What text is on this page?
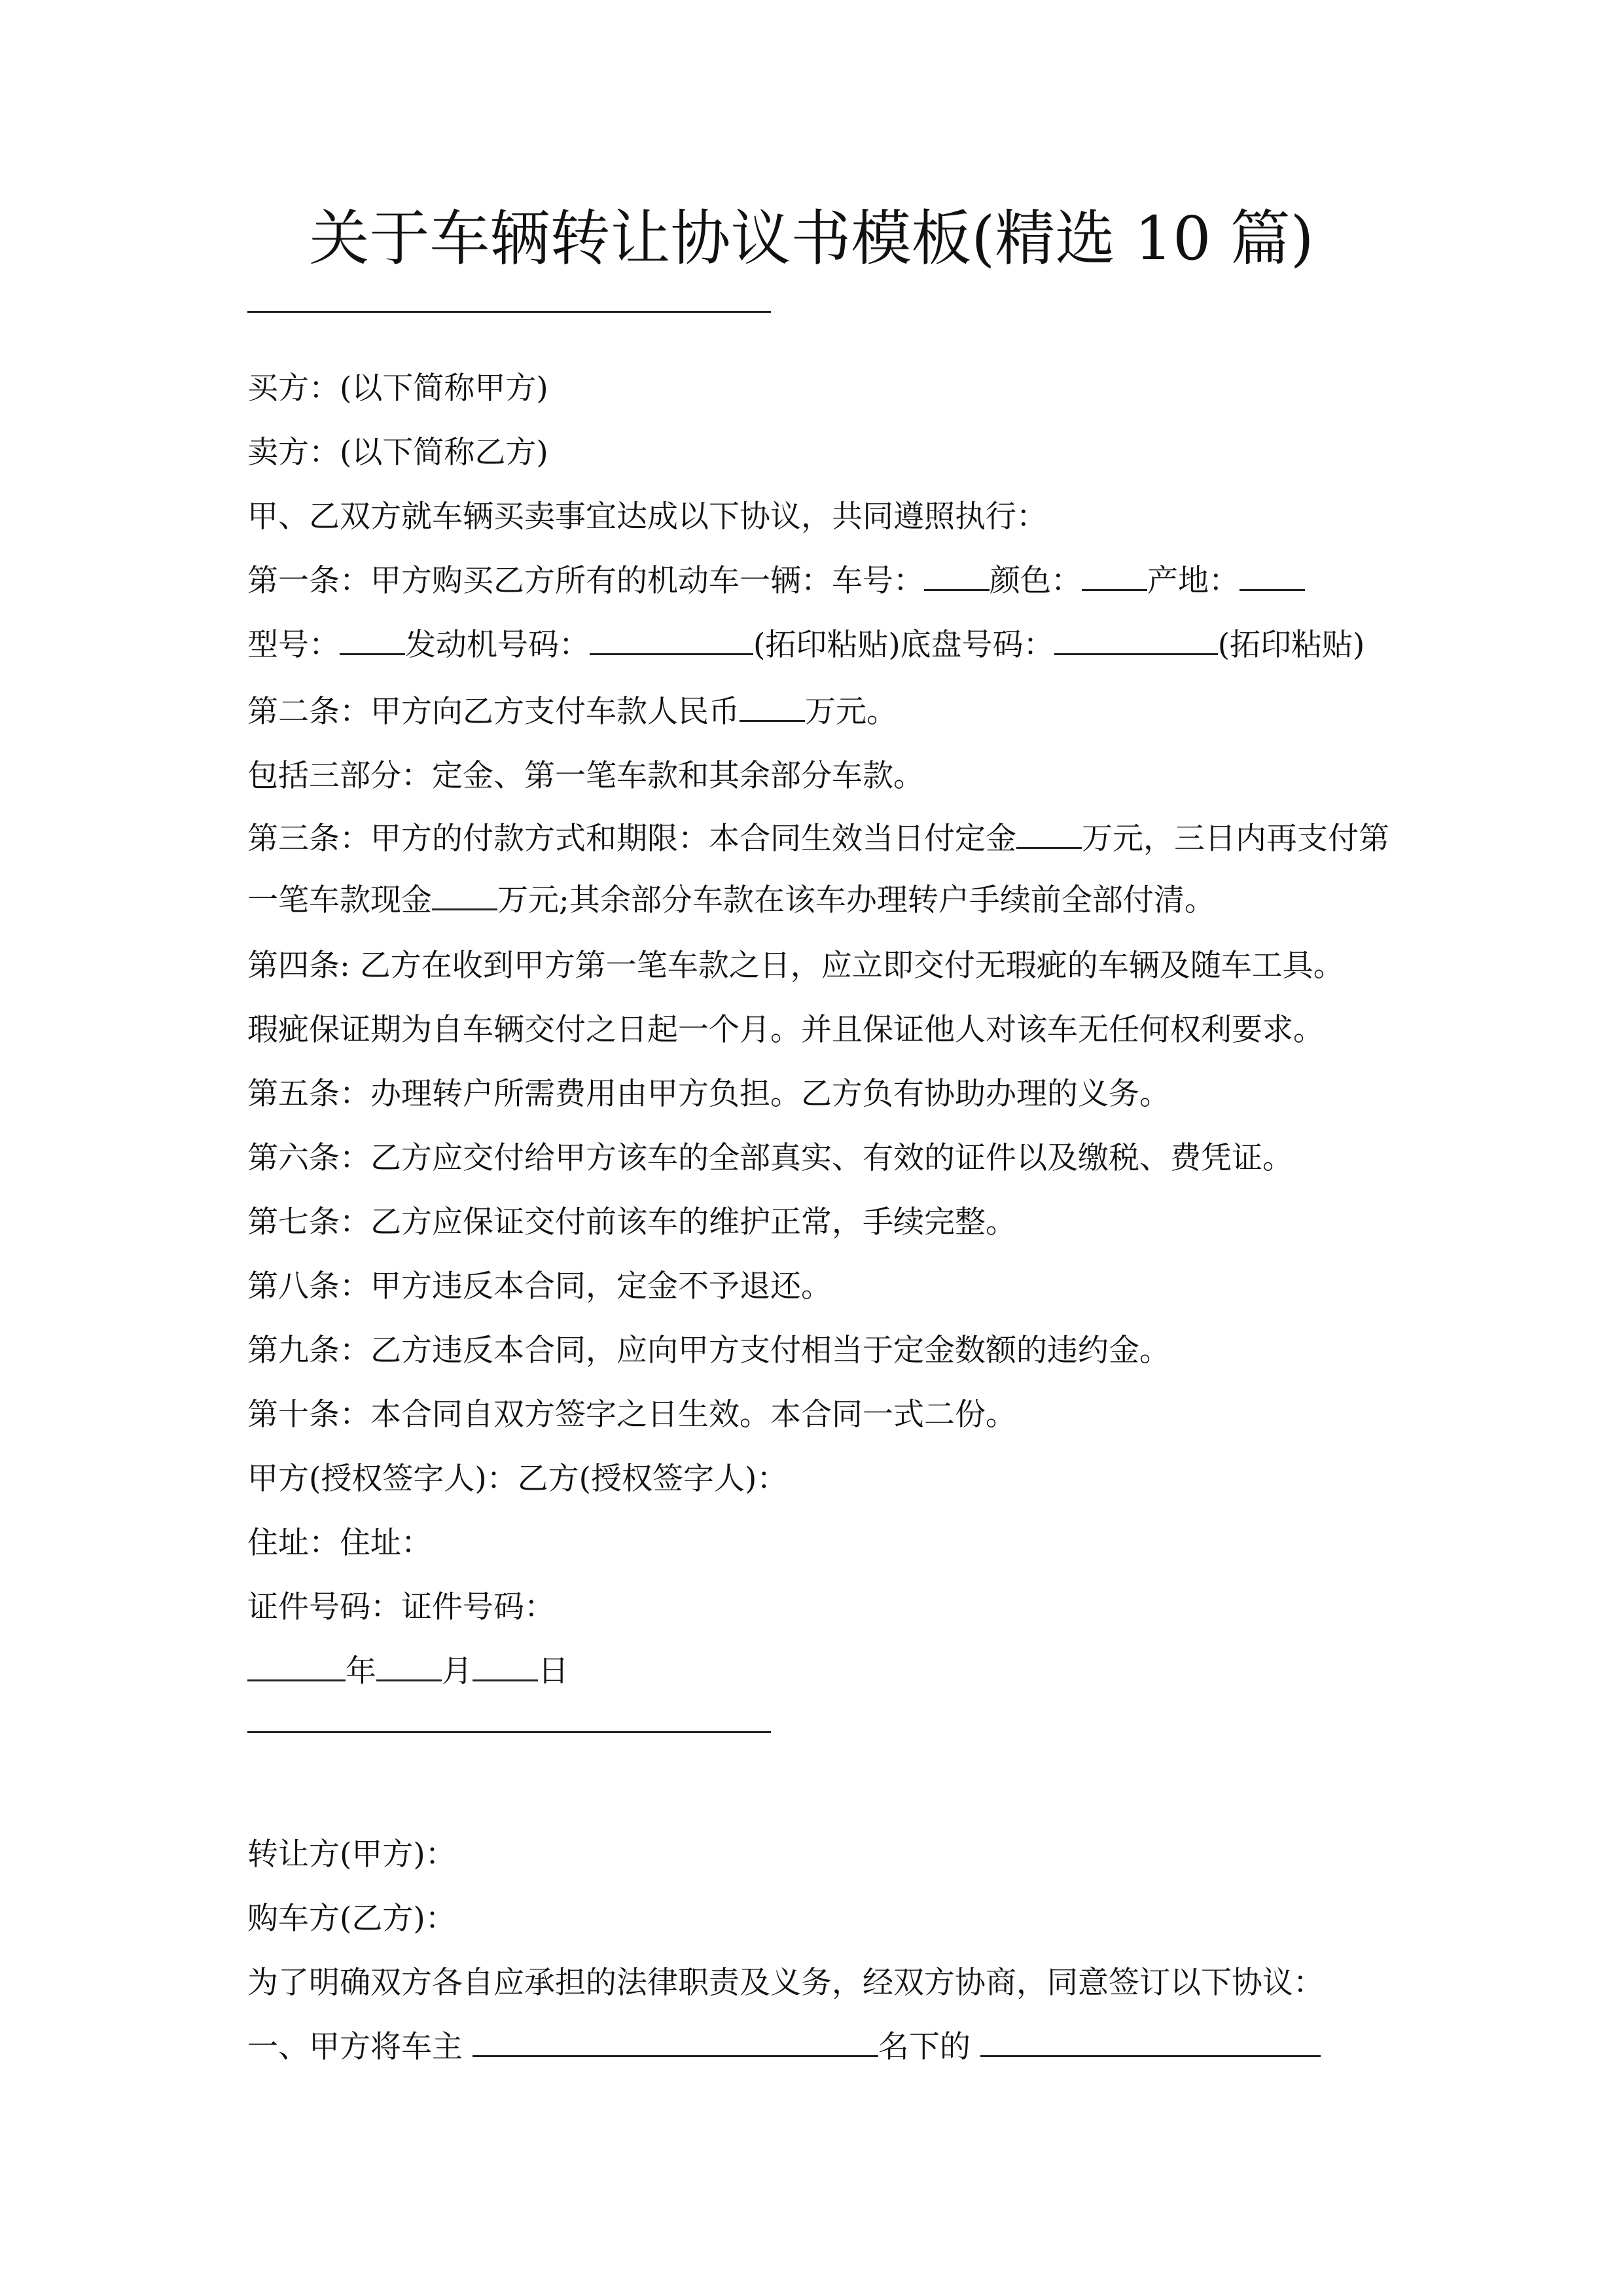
关于车辆转让协议书模板(精选 10 篇)
买方：(以下简称甲方)
卖方：(以下简称乙方)
甲、乙双方就车辆买卖事宜达成以下协议，共同遵照执行：
第一条：甲方购买乙方所有的机动车一辆：车号： 颜色： 产地：
型号： 发动机号码：	(拓印粘贴)底盘号码：	(拓印粘贴)
第二条：甲方向乙方支付车款人民币 万元。
包括三部分：定金、第一笔车款和其余部分车款。
第三条：甲方的付款方式和期限：本合同生效当日付定金 万元，三日内再支付第一笔车款现金 万元;其余部分车款在该车办理转户手续前全部付清。
第四条: 乙方在收到甲方第一笔车款之日，应立即交付无瑕疵的车辆及随车工具。
瑕疵保证期为自车辆交付之日起一个月。并且保证他人对该车无任何权利要求。
第五条：办理转户所需费用由甲方负担。乙方负有协助办理的义务。
第六条：乙方应交付给甲方该车的全部真实、有效的证件以及缴税、费凭证。
第七条：乙方应保证交付前该车的维护正常，手续完整。
第八条：甲方违反本合同，定金不予退还。
第九条：乙方违反本合同，应向甲方支付相当于定金数额的违约金。
第十条：本合同自双方签字之日生效。本合同一式二份。
甲方(授权签字人)：乙方(授权签字人)：
住址：住址：
证件号码：证件号码：
年 月 日
转让方(甲方)：
购车方(乙方)：
为了明确双方各自应承担的法律职责及义务，经双方协商，同意签订以下协议：
一、甲方将车主	名下的
